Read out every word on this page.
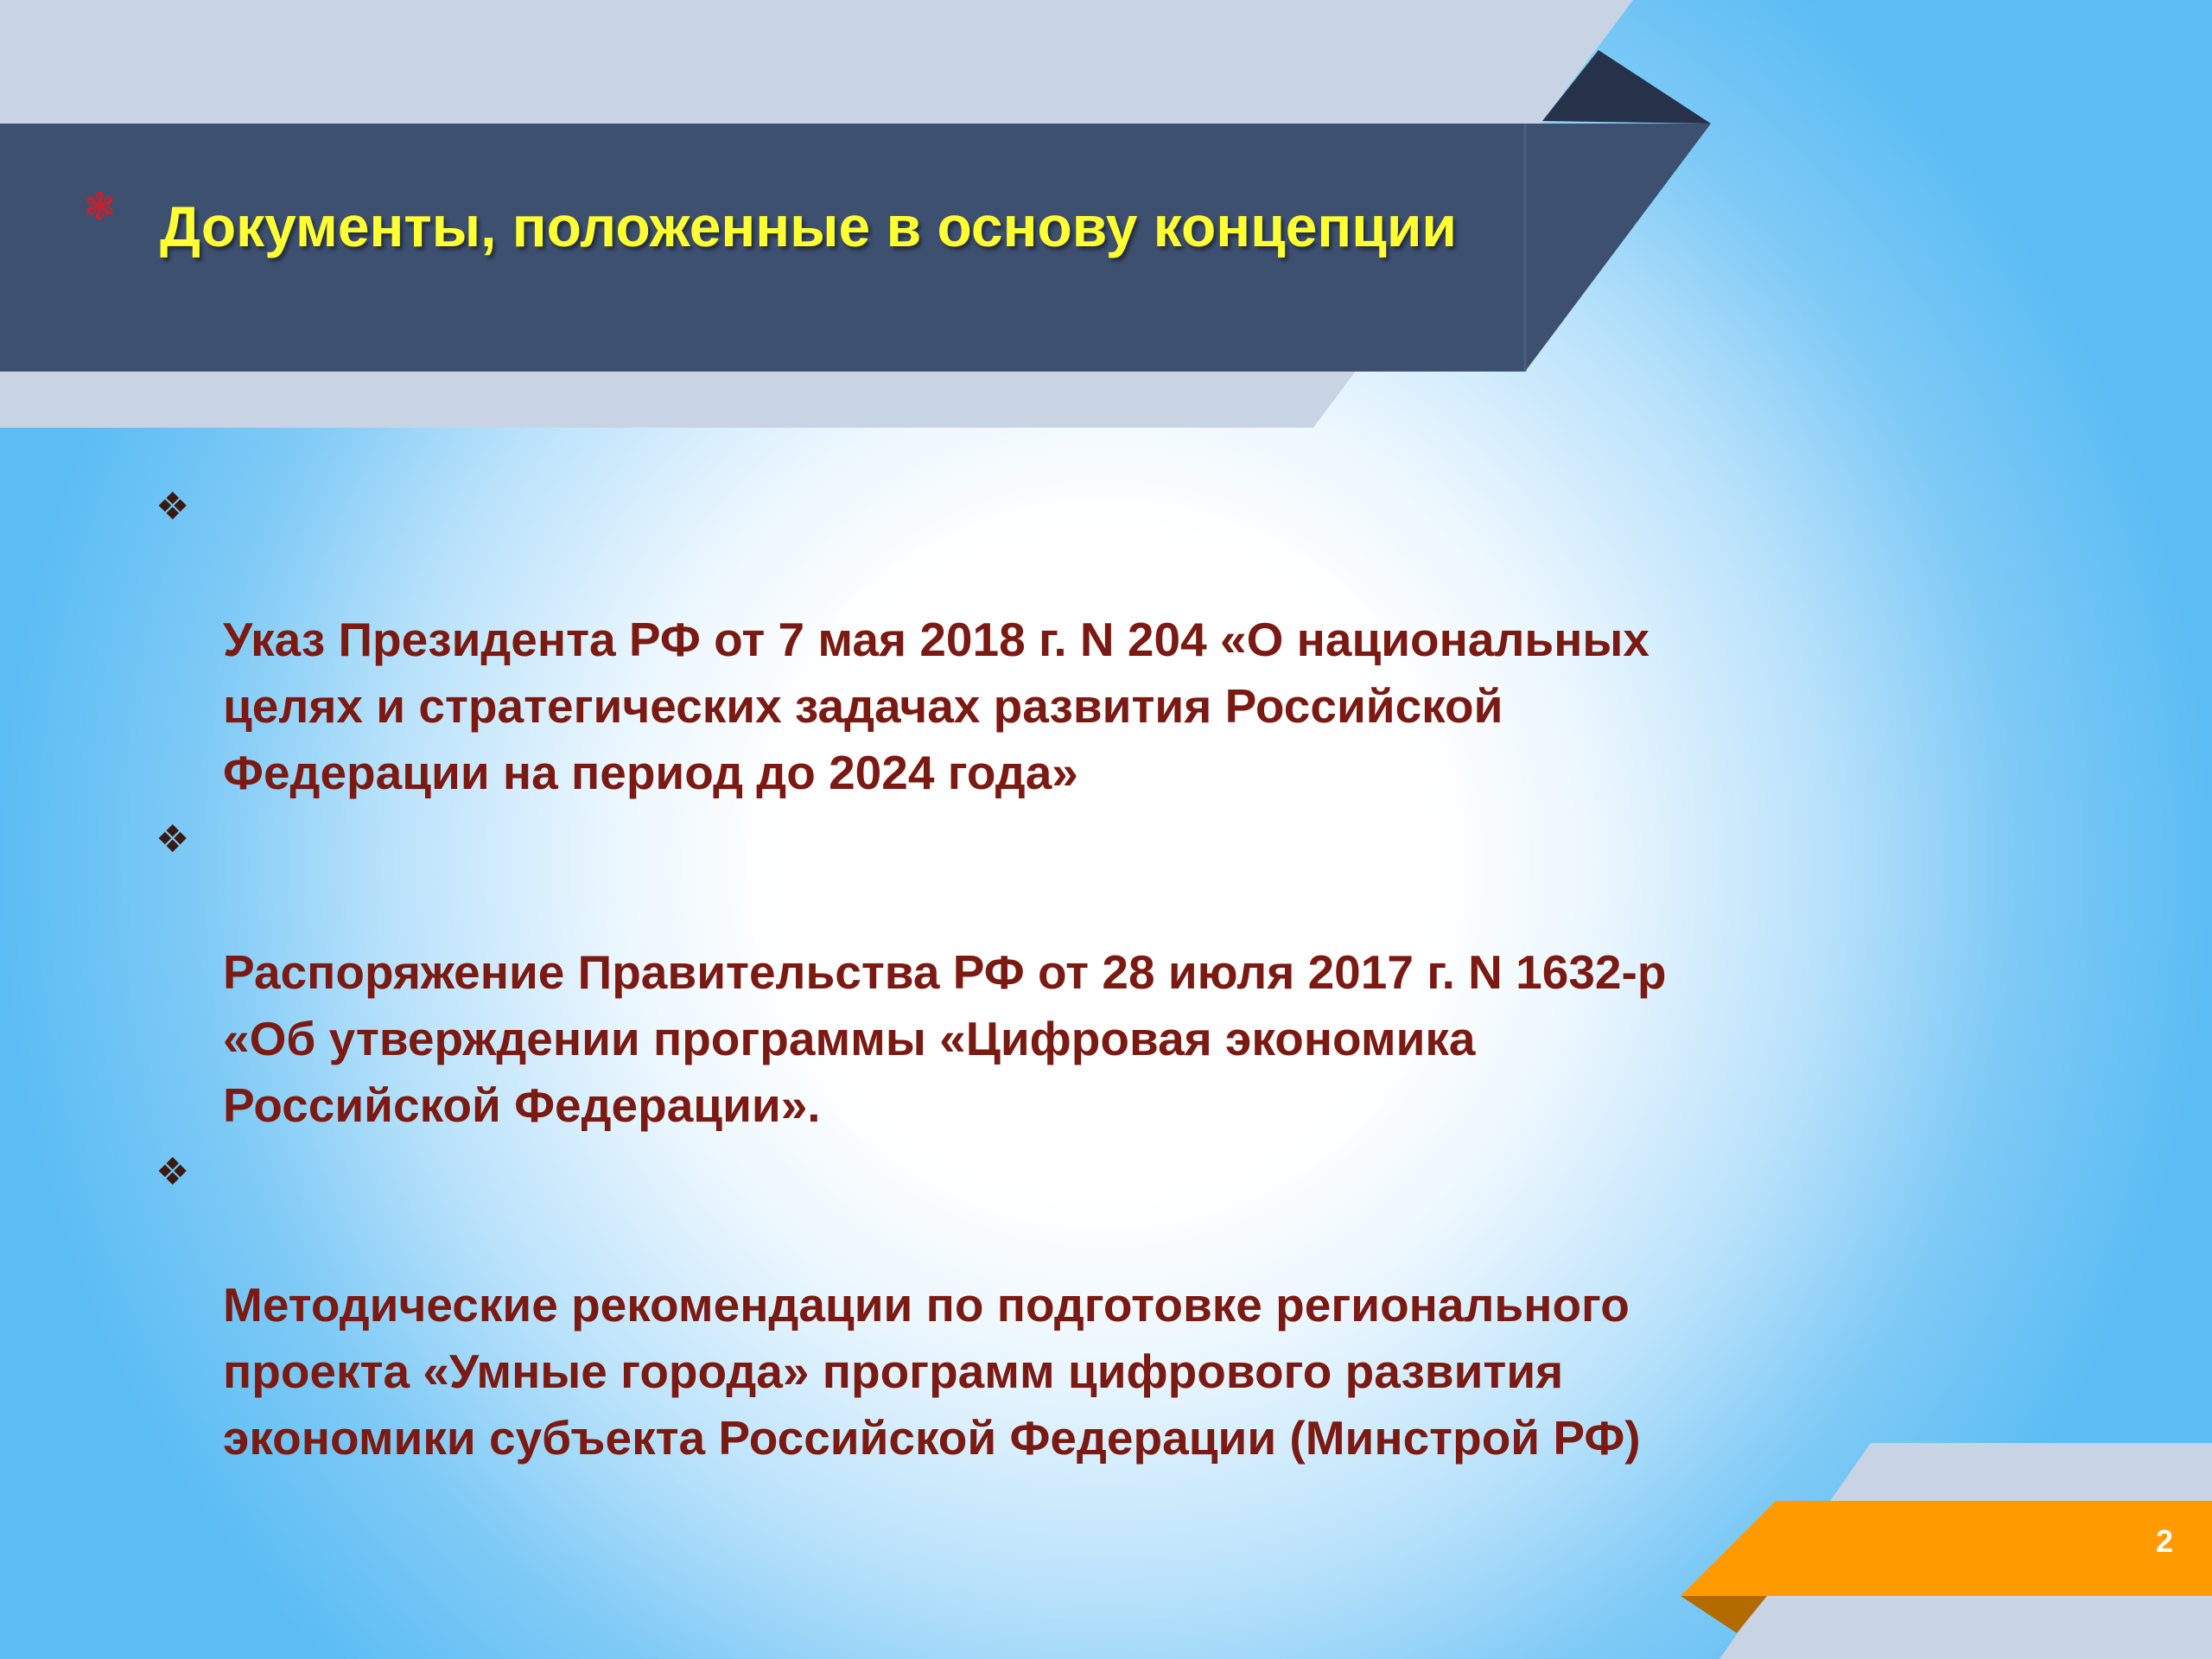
❃ Документы, положенные в основу концепции

❖

Указ Президента РФ от 7 мая 2018 г. N 204 «О национальных
целях и стратегических задачах развития Российской
Федерации на период до 2024 года»

❖

Распоряжение Правительства РФ от 28 июля 2017 г. N 1632-р
«Об утверждении программы «Цифровая экономика
Российской Федерации».

❖

Методические рекомендации по подготовке регионального
проекта «Умные города» программ цифрового развития
экономики субъекта Российской Федерации (Минстрой РФ)

2
